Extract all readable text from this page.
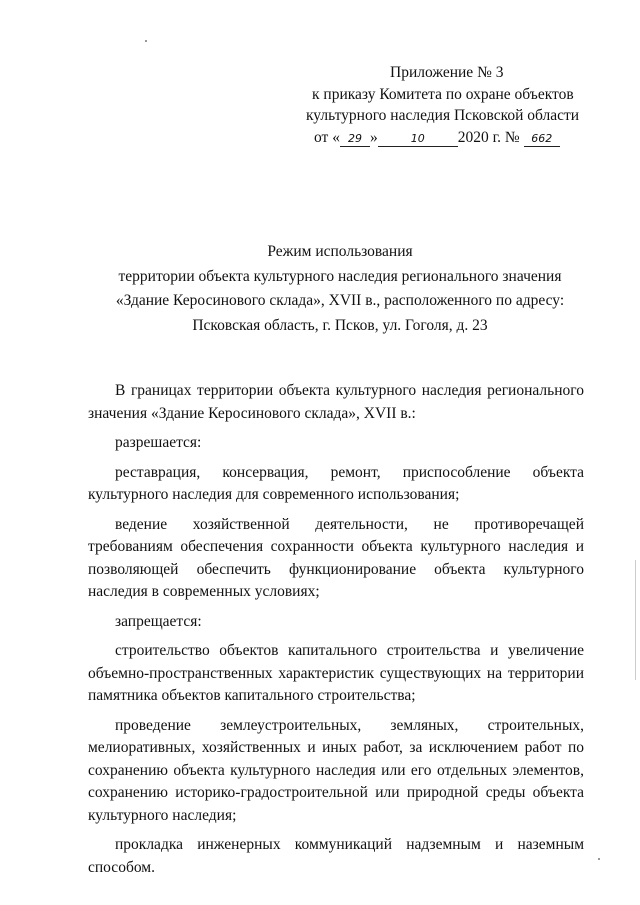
Приложение № 3
к приказу Комитета по охране объектов
культурного наследия Псковской области
от « 29 »	10 2020 г. № 662
Режим использования
территории объекта культурного наследия регионального значения
«Здание Керосинового склада», XVII в., расположенного по адресу:
Псковская область, г. Псков, ул. Гоголя, д. 23
В границах территории объекта культурного наследия регионального значения «Здание Керосинового склада», XVII в.:
разрешается:
реставрация, консервация, ремонт, приспособление объекта культурного наследия для современного использования;
ведение хозяйственной деятельности, не противоречащей требованиям обеспечения сохранности объекта культурного наследия и позволяющей обеспечить функционирование объекта культурного наследия в современных условиях;
запрещается:
строительство объектов капитального строительства и увеличение объемно-пространственных характеристик существующих на территории памятника объектов капитального строительства;
проведение землеустроительных, земляных, строительных, мелиоративных, хозяйственных и иных работ, за исключением работ по сохранению объекта культурного наследия или его отдельных элементов, сохранению историко-градостроительной или природной среды объекта культурного наследия;
прокладка инженерных коммуникаций надземным и наземным способом.
